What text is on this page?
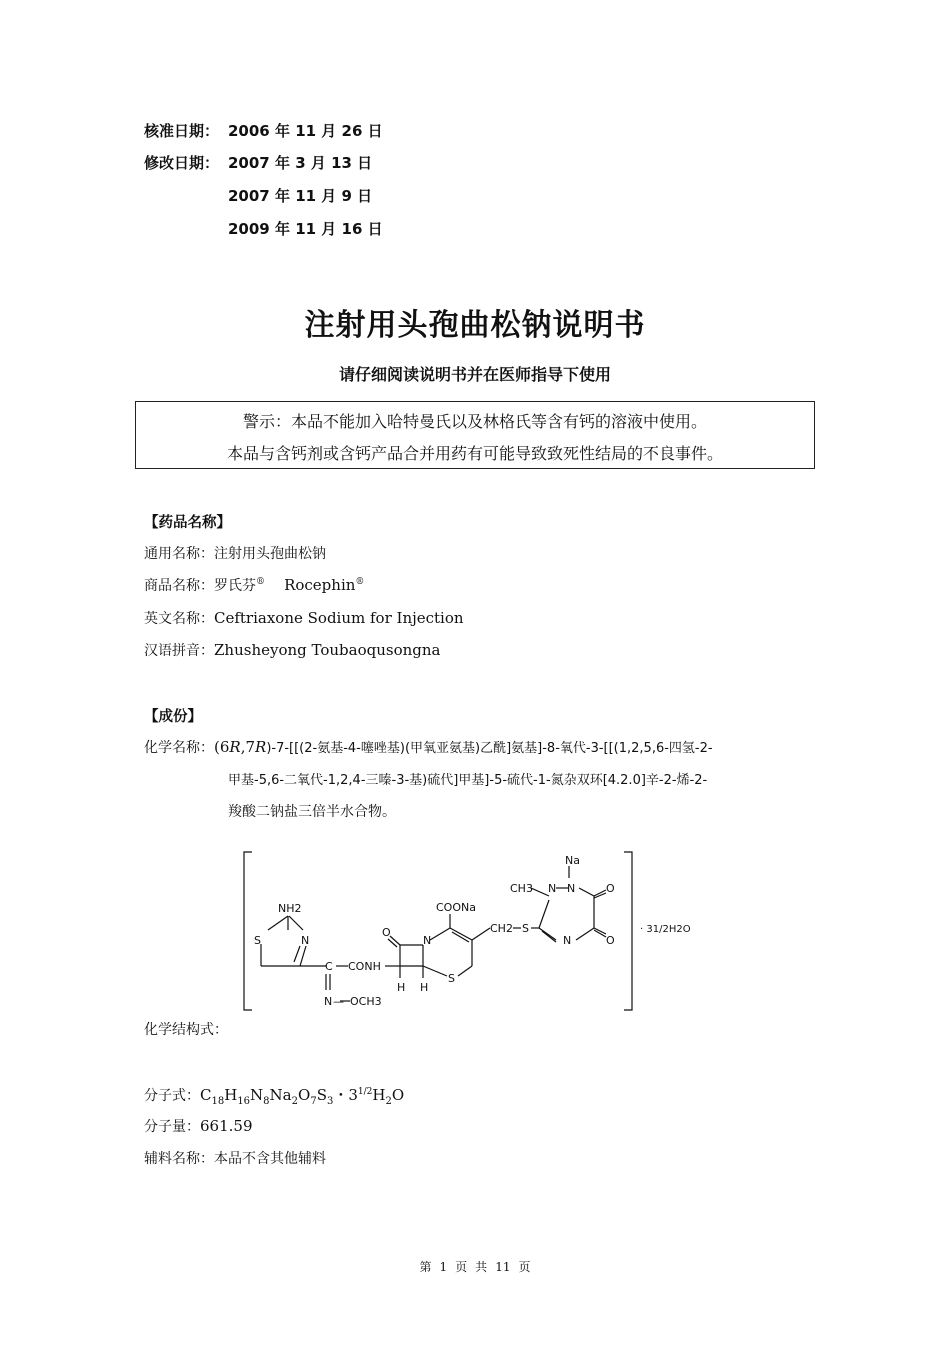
核准日期： 2006 年 11 月 26 日
修改日期： 2007 年 3 月 13 日
2007 年 11 月 9 日
2009 年 11 月 16 日
注射用头孢曲松钠说明书
请仔细阅读说明书并在医师指导下使用
警示：本品不能加入哈特曼氏以及林格氏等含有钙的溶液中使用。
本品与含钙剂或含钙产品合并用药有可能导致致死性结局的不良事件。
【药品名称】
通用名称：注射用头孢曲松钠
商品名称：罗氏芬® Rocephin®
英文名称：Ceftriaxone Sodium for Injection
汉语拼音：Zhusheyong Toubaoqusongna
【成份】
化学名称：(6R,7R)-7-[[(2-氨基-4-噻唑基)(甲氧亚氨基)乙酰]氨基]-8-氧代-3-[[(1,2,5,6-四氢-2-
甲基-5,6-二氧代-1,2,4-三嗪-3-基)硫代]甲基]-5-硫代-1-氮杂双环[4.2.0]辛-2-烯-2-
羧酸二钠盐三倍半水合物。
NH2
S	N
C CONH
N — OCH3
O
N
H H
S
COONa
CH2 S
CH3
Na
N N
N
O
O
· 31/2H2O
化学结构式：
分子式：$C_{18}H_{16}N_8Na_2O_7S_3$・$3^{1/2}H_2O$
分子量：661.59
辅料名称：本品不含其他辅料
第 1 页 共 11 页
